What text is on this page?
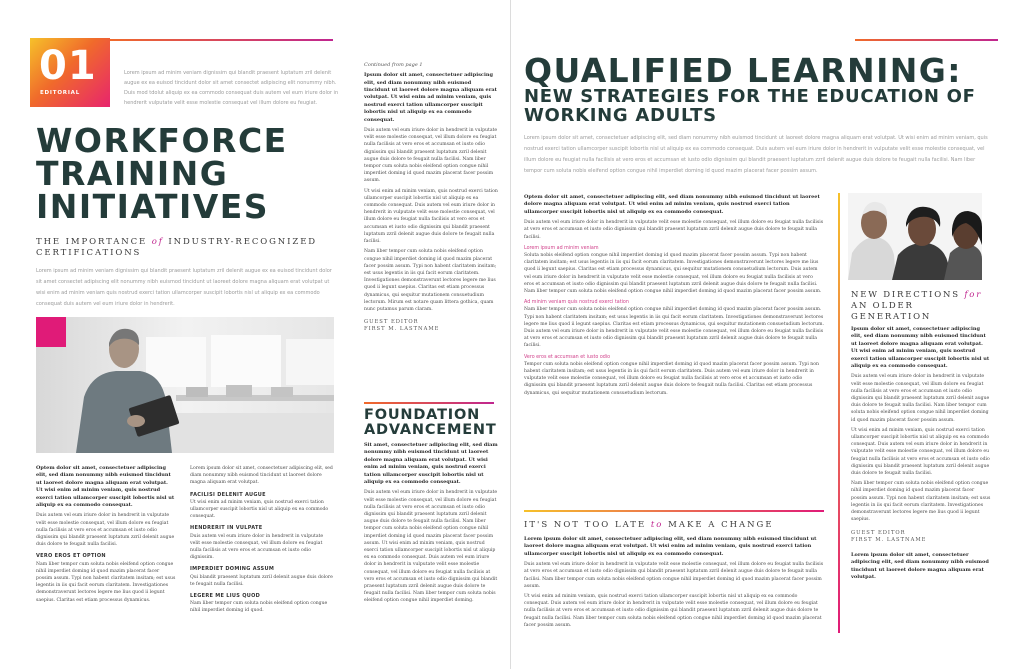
01
EDITORIAL
Lorem ipsum ad minim veniam dignissim qui blandit praesent luptatum zril delenit augue ex ea euisod tincidunt dolor sit amet consectet adipiscing elit nonummy nibh. Duis mod tdolut aliquip ex ea commodo consequat duis autem vel eum iriure dolor in hendrerit vulputate velit esse molestie consequat vel illum dolore eu feugiat.
WORKFORCE TRAINING INITIATIVES
THE IMPORTANCE of INDUSTRY-RECOGNIZED CERTIFICATIONS
Lorem ipsum ad minim veniam dignissim qui blandit praesent luptatum zril delenit augue ex ea euisod tincidunt dolor sit amet consectet adipiscing elit nonummy nibh euismod tincidunt ut laoreet dolore magna aliquam erat volutpat ut wisi enim ad minim veniam quis nostrud exerci tation ullamcorper suscipit lobortis nisl ut aliquip ex ea commodo consequat duis autem vel eum iriure dolor in hendrerit.

Optem dolor sit amet, consectetuer adipiscing elit, sed diam nonummy nibh euismod tincidunt ut laoreet dolore magna aliquam erat volutpat. Ut wisi enim ad minim veniam, quis nostrud exerci tation ullamcorper suscipit lobortis nisl ut aliquip ex ea commodo consequat.

Duis autem vel eum iriure dolor in hendrerit in vulputate velit esse molestie consequat, vel illum dolore eu feugiat nulla facilisis at vero eros et accumsan et iusto odio dignissim qui blandit praesent luptatum zzril delenit augue duis dolore te feugait nulla facilisi.

VERO EROS ET OPTION

Nam liber tempor cum soluta nobis eleifend option congue nihil imperdiet doming id quod mazim placerat facer possim assum. Typi non habent claritatem insitam; est usus legentis in iis qui facit eorum claritatem. Investigationes demonstraverunt lectores legere me lius quod ii legunt saepius. Claritas est etiam processus dynamicus.

Lorem ipsum dolor sit amet, consectetuer adipiscing elit, sed diam nonummy nibh euismod tincidunt ut laoreet dolore magna aliquam erat volutpat.

FACILISI DELENIT AUGUE

Ut wisi enim ad minim veniam, quis nostrud exerci tation ullamcorper suscipit lobortis nisl ut aliquip ex ea commodo consequat.

HENDRERIT IN VULPATE

Duis autem vel eum iriure dolor in hendrerit in vulputate velit esse molestie consequat, vel illum dolore eu feugiat nulla facilisis at vero eros et accumsan et iusto odio dignissim.

IMPERDIET DOMING ASSUM

Qui blandit praesent luptatum zzril delenit augue duis dolore te feugait nulla facilisi.

LEGERE ME LIUS QUOD

Nam liber tempor cum soluta nobis eleifend option congue nihil imperdiet doming id quod.

Continued from page 1

Ipsum dolor sit amet, consectetuer adipiscing elit, sed diam nonummy nibh euismod tincidunt ut laoreet dolore magna aliquam erat volutpat. Ut wisi enim ad minim veniam, quis nostrud exerci tation ullamcorper suscipit lobortis nisl ut aliquip ex ea commodo consequat.

Duis autem vel eum iriure dolor in hendrerit in vulputate velit esse molestie consequat, vel illum dolore eu feugiat nulla facilisis at vero eros et accumsan et iusto odio dignissim qui blandit praesent luptatum zzril delenit augue duis dolore te feugait nulla facilisi. Nam liber tempor cum soluta nobis eleifend option congue nihil imperdiet doming id quod mazim placerat facer possim assum.

Ut wisi enim ad minim veniam, quis nostrud exerci tation ullamcorper suscipit lobortis nisl ut aliquip ex ea commodo consequat. Duis autem vel eum iriure dolor in hendrerit in vulputate velit esse molestie consequat, vel illum dolore eu feugiat nulla facilisis at vero eros et accumsan et iusto odio dignissim qui blandit praesent luptatum zzril delenit augue duis dolore te feugait nulla facilisi.

Nam liber tempor cum soluta nobis eleifend option congue nihil imperdiet doming id quod mazim placerat facer possim assum. Typi non habent claritatem insitam; est usus legentis in iis qui facit eorum claritatem. Investigationes demonstraverunt lectores legere me lius quod ii legunt saepius. Claritas est etiam processus dynamicus, qui sequitur mutationem consuetudium lectorum. Mirum est notare quam littera gothica, quam nunc putamus parum claram.

GUEST EDITOR
FIRST M. LASTNAME
FOUNDATION ADVANCEMENT

Sit amet, consectetuer adipiscing elit, sed diam nonummy nibh euismod tincidunt ut laoreet dolore magna aliquam erat volutpat. Ut wisi enim ad minim veniam, quis nostrud exerci tation ullamcorper suscipit lobortis nisl ut aliquip ex ea commodo consequat.

Duis autem vel eum iriure dolor in hendrerit in vulputate velit esse molestie consequat, vel illum dolore eu feugiat nulla facilisis at vero eros et accumsan et iusto odio dignissim qui blandit praesent luptatum zzril delenit augue duis dolore te feugait nulla facilisi. Nam liber tempor cum soluta nobis eleifend option congue nihil imperdiet doming id quod mazim placerat facer possim assum. Ut wisi enim ad minim veniam, quis nostrud exerci tation ullamcorper suscipit lobortis nisl ut aliquip ex ea commodo consequat. Duis autem vel eum iriure dolor in hendrerit in vulputate velit esse molestie consequat, vel illum dolore eu feugiat nulla facilisis at vero eros et accumsan et iusto odio dignissim qui blandit praesent luptatum zzril delenit augue duis dolore te feugait nulla facilisi. Nam liber tempor cum soluta nobis eleifend option congue nihil imperdiet doming.

QUALIFIED LEARNING:
NEW STRATEGIES FOR THE EDUCATION OF WORKING ADULTS
Lorem ipsum dolor sit amet, consectetuer adipiscing elit, sed diam nonummy nibh euismod tincidunt ut laoreet dolore magna aliquam erat volutpat. Ut wisi enim ad minim veniam, quis nostrud exerci tation ullamcorper suscipit lobortis nisl ut aliquip ex ea commodo consequat. Duis autem vel eum iriure dolor in hendrerit in vulputate velit esse molestie consequat, vel illum dolore eu feugiat nulla facilisis at vero eros et accumsan et iusto odio dignissim qui blandit praesent luptatum zzril delenit augue duis dolore te feugait nulla facilisi. Nam liber tempor cum soluta nobis eleifend option congue nihil imperdiet doming id quod mazim placerat facer possim assum.

Optem dolor sit amet, consectetuer adipiscing elit, sed diam nonummy nibh euismod tincidunt ut laoreet dolore magna aliquam erat volutpat. Ut wisi enim ad minim veniam, quis nostrud exerci tation ullamcorper suscipit lobortis nisl ut aliquip ex ea commodo consequat.

Duis autem vel eum iriure dolor in hendrerit in vulputate velit esse molestie consequat, vel illum dolore eu feugiat nulla facilisis at vero eros et accumsan et iusto odio dignissim qui blandit praesent luptatum zzril delenit augue duis dolore te feugait nulla facilisi.

Lorem ipsum ad minim veniam

Soluta nobis eleifend option congue nihil imperdiet doming id quod mazim placerat facer possim assum. Typi non habent claritatem insitam; est usus legentis in iis qui facit eorum claritatem. Investigationes demonstraverunt lectores legere me lius quod ii legunt saepius. Claritas est etiam processus dynamicus, qui sequitur mutationem consuetudium lectorum. Duis autem vel eum iriure dolor in hendrerit in vulputate velit esse molestie consequat, vel illum dolore eu feugiat nulla facilisis at vero eros et accumsan et iusto odio dignissim qui blandit praesent luptatum zzril delenit augue duis dolore te feugait nulla facilisi. Nam liber tempor cum soluta nobis eleifend option congue nihil imperdiet doming id quod mazim placerat facer possim assum.

Ad minim veniam quis nostrud exerci tation

Nam liber tempor cum soluta nobis eleifend option congue nihil imperdiet doming id quod mazim placerat facer possim assum. Typi non habent claritatem insitam; est usus legentis in iis qui facit eorum claritatem. Investigationes demonstraverunt lectores legere me lius quod ii legunt saepius. Claritas est etiam processus dynamicus, qui sequitur mutationem consuetudium lectorum. Duis autem vel eum iriure dolor in hendrerit in vulputate velit esse molestie consequat, vel illum dolore eu feugiat nulla facilisis at vero eros et accumsan et iusto odio dignissim qui blandit praesent luptatum zzril delenit augue duis dolore te feugait nulla facilisi.

Vero eros et accumsan et iusto odio

Tempor cum soluta nobis eleifend option congue nihil imperdiet doming id quod mazim placerat facer possim assum. Typi non habent claritatem insitam; est usus legentis in iis qui facit eorum claritatem. Duis autem vel eum iriure dolor in hendrerit in vulputate velit esse molestie consequat, vel illum dolore eu feugiat nulla facilisis at vero eros et accumsan et iusto odio dignissim qui blandit praesent luptatum zzril delenit augue duis dolore te feugait nulla facilisi. Claritas est etiam processus dynamicus, qui sequitur mutationem consuetudium lectorum.

NEW DIRECTIONS for AN OLDER GENERATION

Ipsum dolor sit amet, consectetuer adipiscing elit, sed diam nonummy nibh euismod tincidunt ut laoreet dolore magna aliquam erat volutpat. Ut wisi enim ad minim veniam, quis nostrud exerci tation ullamcorper suscipit lobortis nisl ut aliquip ex ea commodo consequat.

Duis autem vel eum iriure dolor in hendrerit in vulputate velit esse molestie consequat, vel illum dolore eu feugiat nulla facilisis at vero eros et accumsan et iusto odio dignissim qui blandit praesent luptatum zzril delenit augue duis dolore te feugait nulla facilisi. Nam liber tempor cum soluta nobis eleifend option congue nihil imperdiet doming id quod mazim placerat facer possim assum.

Ut wisi enim ad minim veniam, quis nostrud exerci tation ullamcorper suscipit lobortis nisl ut aliquip ex ea commodo consequat. Duis autem vel eum iriure dolor in hendrerit in vulputate velit esse molestie consequat, vel illum dolore eu feugiat nulla facilisis at vero eros et accumsan et iusto odio dignissim qui blandit praesent luptatum zzril delenit augue duis dolore te feugait nulla facilisi.

Nam liber tempor cum soluta nobis eleifend option congue nihil imperdiet doming id quod mazim placerat facer possim assum. Typi non habent claritatem insitam; est usus legentis in iis qui facit eorum claritatem. Investigationes demonstraverunt lectores legere me lius quod ii legunt saepius.

GUEST EDITOR
FIRST M. LASTNAME

Lorem ipsum dolor sit amet, consectetuer adipiscing elit, sed diam nonummy nibh euismod tincidunt ut laoreet dolore magna aliquam erat volutpat.

IT'S NOT TOO LATE to MAKE A CHANGE

Lorem ipsum dolor sit amet, consectetuer adipiscing elit, sed diam nonummy nibh euismod tincidunt ut laoreet dolore magna aliquam erat volutpat. Ut wisi enim ad minim veniam, quis nostrud exerci tation ullamcorper suscipit lobortis nisl ut aliquip ex ea commodo consequat.

Duis autem vel eum iriure dolor in hendrerit in vulputate velit esse molestie consequat, vel illum dolore eu feugiat nulla facilisis at vero eros et accumsan et iusto odio dignissim qui blandit praesent luptatum zzril delenit augue duis dolore te feugait nulla facilisi. Nam liber tempor cum soluta nobis eleifend option congue nihil imperdiet doming id quod mazim placerat facer possim assum.

Ut wisi enim ad minim veniam, quis nostrud exerci tation ullamcorper suscipit lobortis nisl ut aliquip ex ea commodo consequat. Duis autem vel eum iriure dolor in hendrerit in vulputate velit esse molestie consequat, vel illum dolore eu feugiat nulla facilisis at vero eros et accumsan et iusto odio dignissim qui blandit praesent luptatum zzril delenit augue duis dolore te feugait nulla facilisi. Nam liber tempor cum soluta nobis eleifend option congue nihil imperdiet doming id quod mazim placerat facer possim assum.
